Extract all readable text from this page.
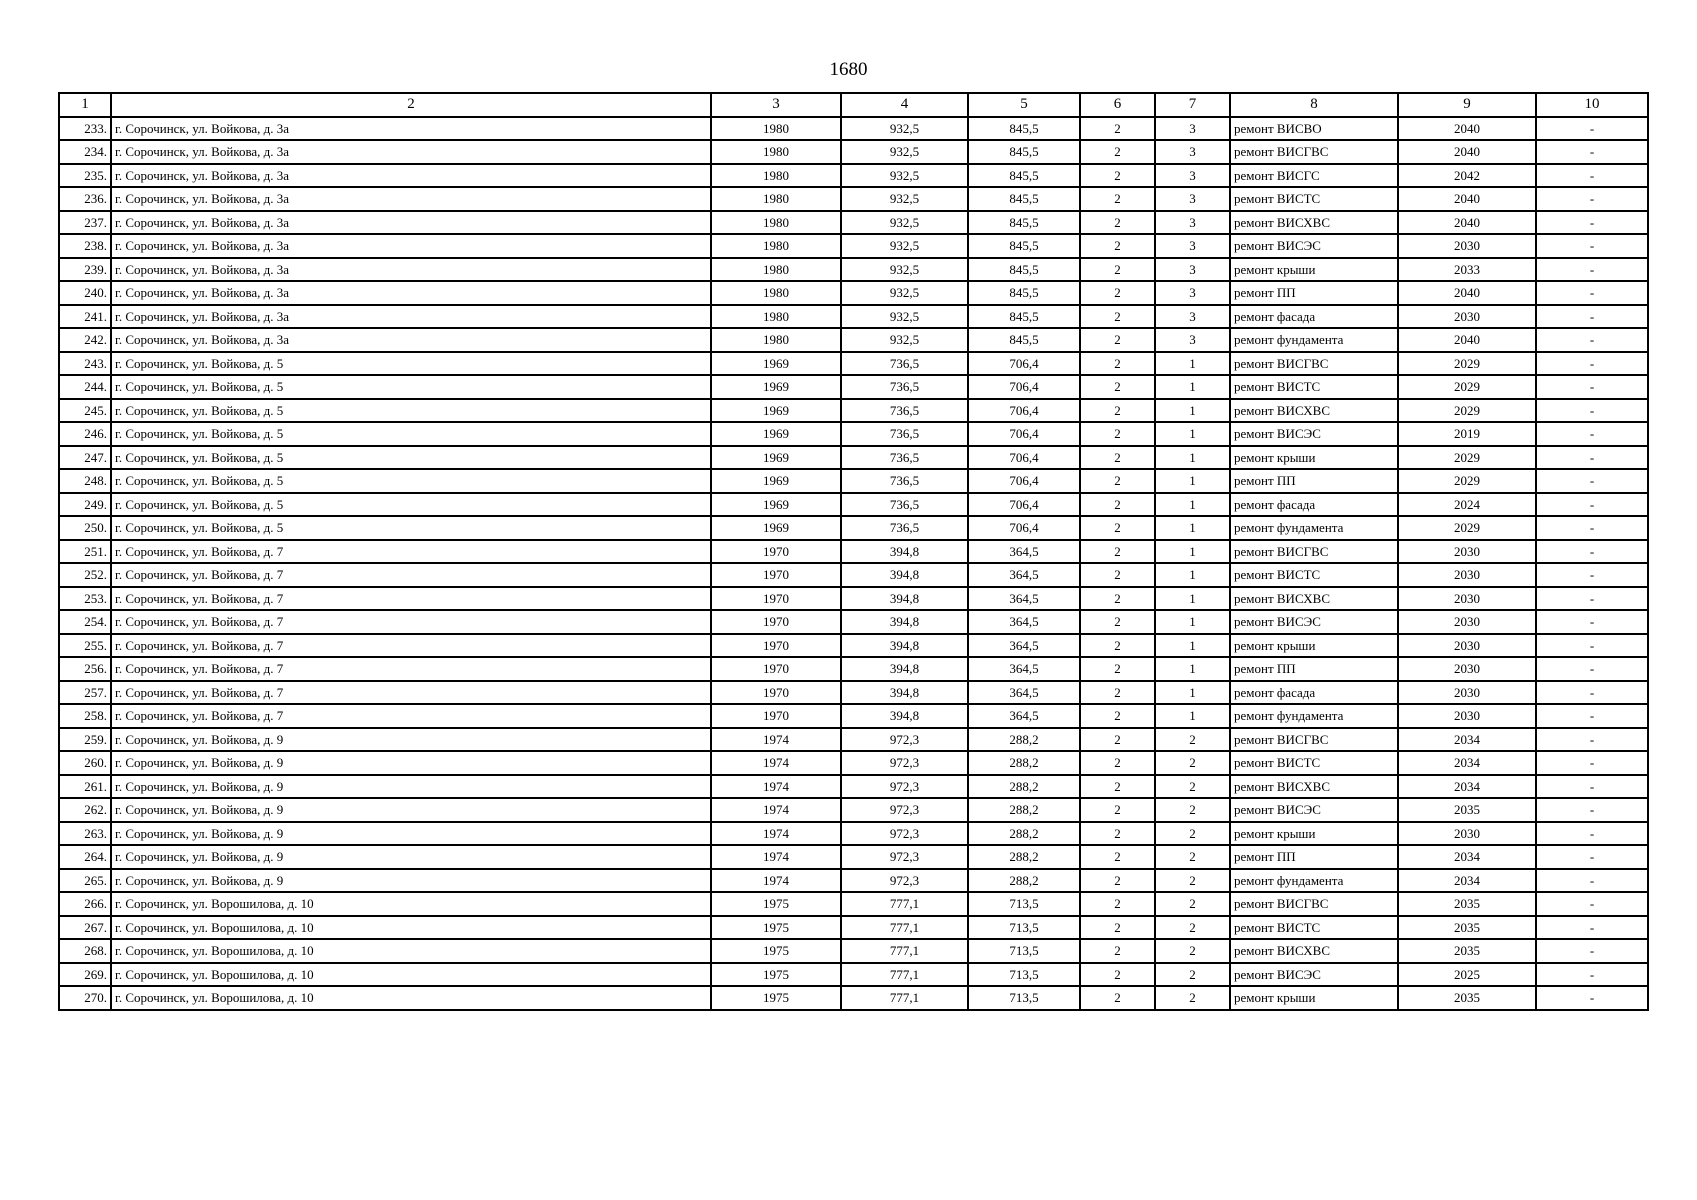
1680
1	2	3	4	5	6	7	8	9	10
233.	г. Сорочинск, ул. Войкова, д. 3а	1980	932,5	845,5	2	3	ремонт ВИСВО	2040	-
234.	г. Сорочинск, ул. Войкова, д. 3а	1980	932,5	845,5	2	3	ремонт ВИСГВС	2040	-
235.	г. Сорочинск, ул. Войкова, д. 3а	1980	932,5	845,5	2	3	ремонт ВИСГС	2042	-
236.	г. Сорочинск, ул. Войкова, д. 3а	1980	932,5	845,5	2	3	ремонт ВИСТС	2040	-
237.	г. Сорочинск, ул. Войкова, д. 3а	1980	932,5	845,5	2	3	ремонт ВИСХВС	2040	-
238.	г. Сорочинск, ул. Войкова, д. 3а	1980	932,5	845,5	2	3	ремонт ВИСЭС	2030	-
239.	г. Сорочинск, ул. Войкова, д. 3а	1980	932,5	845,5	2	3	ремонт крыши	2033	-
240.	г. Сорочинск, ул. Войкова, д. 3а	1980	932,5	845,5	2	3	ремонт ПП	2040	-
241.	г. Сорочинск, ул. Войкова, д. 3а	1980	932,5	845,5	2	3	ремонт фасада	2030	-
242.	г. Сорочинск, ул. Войкова, д. 3а	1980	932,5	845,5	2	3	ремонт фундамента	2040	-
243.	г. Сорочинск, ул. Войкова, д. 5	1969	736,5	706,4	2	1	ремонт ВИСГВС	2029	-
244.	г. Сорочинск, ул. Войкова, д. 5	1969	736,5	706,4	2	1	ремонт ВИСТС	2029	-
245.	г. Сорочинск, ул. Войкова, д. 5	1969	736,5	706,4	2	1	ремонт ВИСХВС	2029	-
246.	г. Сорочинск, ул. Войкова, д. 5	1969	736,5	706,4	2	1	ремонт ВИСЭС	2019	-
247.	г. Сорочинск, ул. Войкова, д. 5	1969	736,5	706,4	2	1	ремонт крыши	2029	-
248.	г. Сорочинск, ул. Войкова, д. 5	1969	736,5	706,4	2	1	ремонт ПП	2029	-
249.	г. Сорочинск, ул. Войкова, д. 5	1969	736,5	706,4	2	1	ремонт фасада	2024	-
250.	г. Сорочинск, ул. Войкова, д. 5	1969	736,5	706,4	2	1	ремонт фундамента	2029	-
251.	г. Сорочинск, ул. Войкова, д. 7	1970	394,8	364,5	2	1	ремонт ВИСГВС	2030	-
252.	г. Сорочинск, ул. Войкова, д. 7	1970	394,8	364,5	2	1	ремонт ВИСТС	2030	-
253.	г. Сорочинск, ул. Войкова, д. 7	1970	394,8	364,5	2	1	ремонт ВИСХВС	2030	-
254.	г. Сорочинск, ул. Войкова, д. 7	1970	394,8	364,5	2	1	ремонт ВИСЭС	2030	-
255.	г. Сорочинск, ул. Войкова, д. 7	1970	394,8	364,5	2	1	ремонт крыши	2030	-
256.	г. Сорочинск, ул. Войкова, д. 7	1970	394,8	364,5	2	1	ремонт ПП	2030	-
257.	г. Сорочинск, ул. Войкова, д. 7	1970	394,8	364,5	2	1	ремонт фасада	2030	-
258.	г. Сорочинск, ул. Войкова, д. 7	1970	394,8	364,5	2	1	ремонт фундамента	2030	-
259.	г. Сорочинск, ул. Войкова, д. 9	1974	972,3	288,2	2	2	ремонт ВИСГВС	2034	-
260.	г. Сорочинск, ул. Войкова, д. 9	1974	972,3	288,2	2	2	ремонт ВИСТС	2034	-
261.	г. Сорочинск, ул. Войкова, д. 9	1974	972,3	288,2	2	2	ремонт ВИСХВС	2034	-
262.	г. Сорочинск, ул. Войкова, д. 9	1974	972,3	288,2	2	2	ремонт ВИСЭС	2035	-
263.	г. Сорочинск, ул. Войкова, д. 9	1974	972,3	288,2	2	2	ремонт крыши	2030	-
264.	г. Сорочинск, ул. Войкова, д. 9	1974	972,3	288,2	2	2	ремонт ПП	2034	-
265.	г. Сорочинск, ул. Войкова, д. 9	1974	972,3	288,2	2	2	ремонт фундамента	2034	-
266.	г. Сорочинск, ул. Ворошилова, д. 10	1975	777,1	713,5	2	2	ремонт ВИСГВС	2035	-
267.	г. Сорочинск, ул. Ворошилова, д. 10	1975	777,1	713,5	2	2	ремонт ВИСТС	2035	-
268.	г. Сорочинск, ул. Ворошилова, д. 10	1975	777,1	713,5	2	2	ремонт ВИСХВС	2035	-
269.	г. Сорочинск, ул. Ворошилова, д. 10	1975	777,1	713,5	2	2	ремонт ВИСЭС	2025	-
270.	г. Сорочинск, ул. Ворошилова, д. 10	1975	777,1	713,5	2	2	ремонт крыши	2035	-
